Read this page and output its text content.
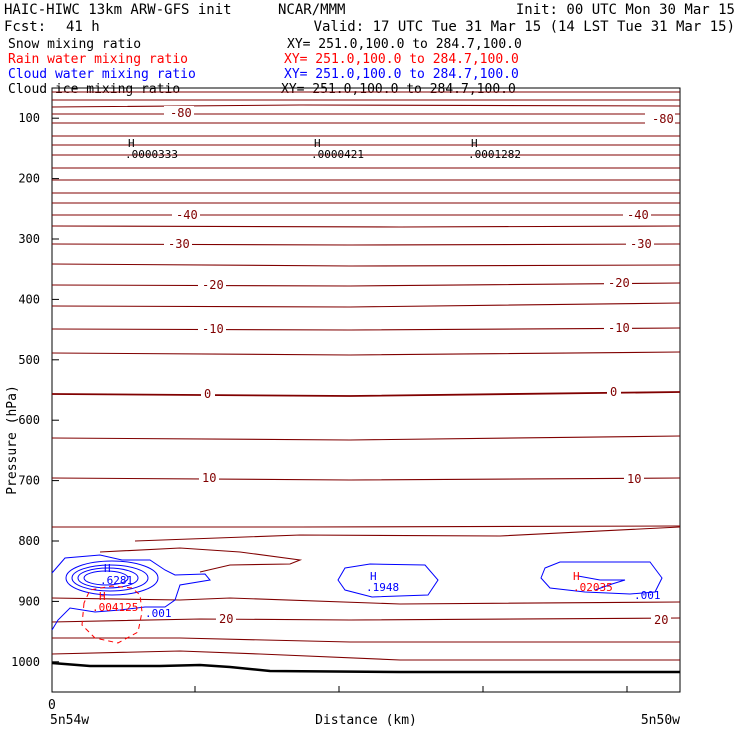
HAIC-HIWC 13km ARW-GFS init	NCAR/MMM	Init: 00 UTC Mon 30 Mar 15
Fcst: 41 h	Valid: 17 UTC Tue 31 Mar 15 (14 LST Tue 31 Mar 15)
Snow mixing ratio	XY= 251.0,100.0 to 284.7,100.0
Rain water mixing ratio	XY= 251.0,100.0 to 284.7,100.0
Cloud water mixing ratio	XY= 251.0,100.0 to 284.7,100.0
Cloud ice mixing ratio	XY= 251.0,100.0 to 284.7,100.0
-80	-80
-40	-40
-30	-30
-20	-20
-10	-10
0	0
10	10
20	20
H
.0000333
H
.0000421
H
.0001282
H
.6281
H
.004125 .001
H
.1948
H
.02035
.001
100
200
300
400
500
600
700
800
900
1000
Pressure (hPa)
0
5n54w	Distance (km)	5n50w
